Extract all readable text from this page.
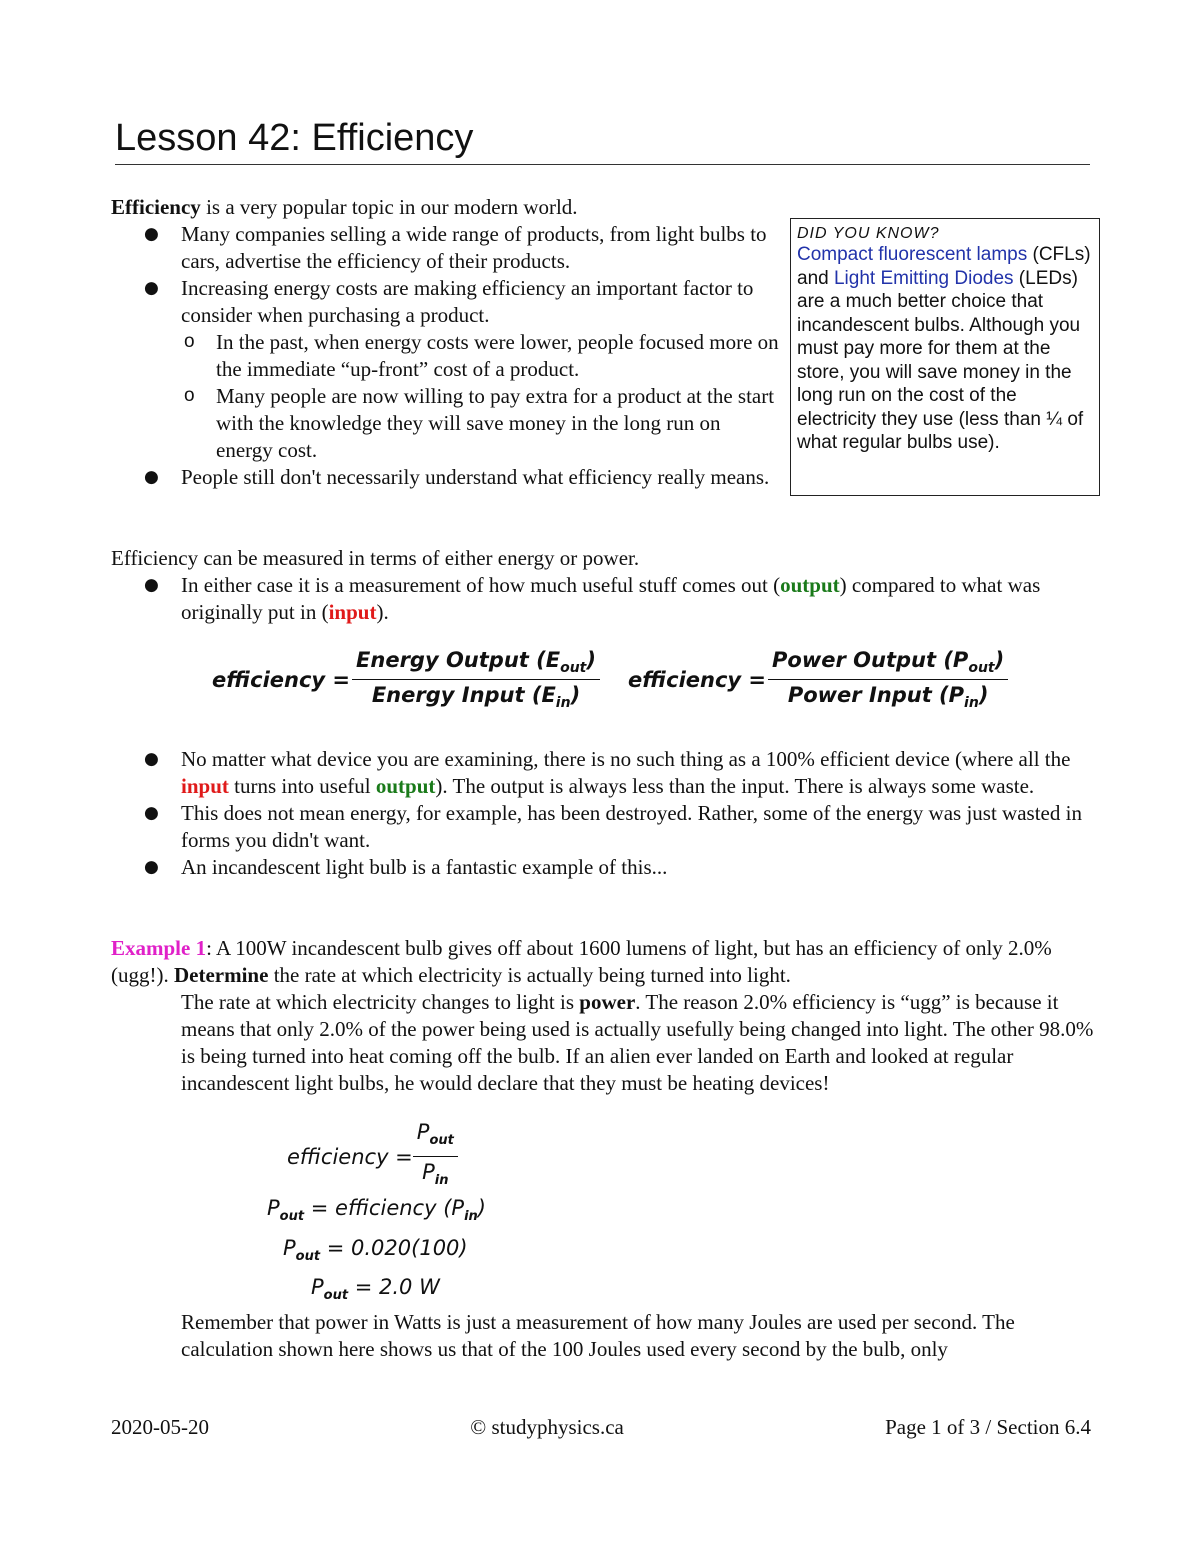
Lesson 42: Efficiency
Efficiency is a very popular topic in our modern world.
● Many companies selling a wide range of products, from light bulbs to cars, advertise the efficiency of their products.
● Increasing energy costs are making efficiency an important factor to consider when purchasing a product.
o In the past, when energy costs were lower, people focused more on the immediate “up-front” cost of a product.
o Many people are now willing to pay extra for a product at the start with the knowledge they will save money in the long run on energy cost.
● People still don't necessarily understand what efficiency really means.
DID YOU KNOW?
Compact fluorescent lamps (CFLs) and Light Emitting Diodes (LEDs) are a much better choice that incandescent bulbs. Although you must pay more for them at the store, you will save money in the long run on the cost of the electricity they use (less than ¼ of what regular bulbs use).
Efficiency can be measured in terms of either energy or power.
● In either case it is a measurement of how much useful stuff comes out (output) compared to what was originally put in (input).
efficiency = $\frac{Energy Output (E_{out})}{Energy Input (E_{in})}$ efficiency = $\frac{Power Output (P_{out})}{Power Input (P_{in})}$
● No matter what device you are examining, there is no such thing as a 100% efficient device (where all the input turns into useful output). The output is always less than the input. There is always some waste.
● This does not mean energy, for example, has been destroyed. Rather, some of the energy was just wasted in forms you didn't want.
● An incandescent light bulb is a fantastic example of this...
Example 1: A 100W incandescent bulb gives off about 1600 lumens of light, but has an efficiency of only 2.0% (ugg!). Determine the rate at which electricity is actually being turned into light.
The rate at which electricity changes to light is power. The reason 2.0% efficiency is “ugg” is because it means that only 2.0% of the power being used is actually usefully being changed into light. The other 98.0% is being turned into heat coming off the bulb. If an alien ever landed on Earth and looked at regular incandescent light bulbs, he would declare that they must be heating devices!
efficiency = $\frac{P_{out}}{P_{in}}$
$P_{out}$ = efficiency $(P_{in})$
$P_{out} = 0.020(100)$
$P_{out} = 2.0$ W
Remember that power in Watts is just a measurement of how many Joules are used per second. The calculation shown here shows us that of the 100 Joules used every second by the bulb, only
2020-05-20	© studyphysics.ca	Page 1 of 3 / Section 6.4
